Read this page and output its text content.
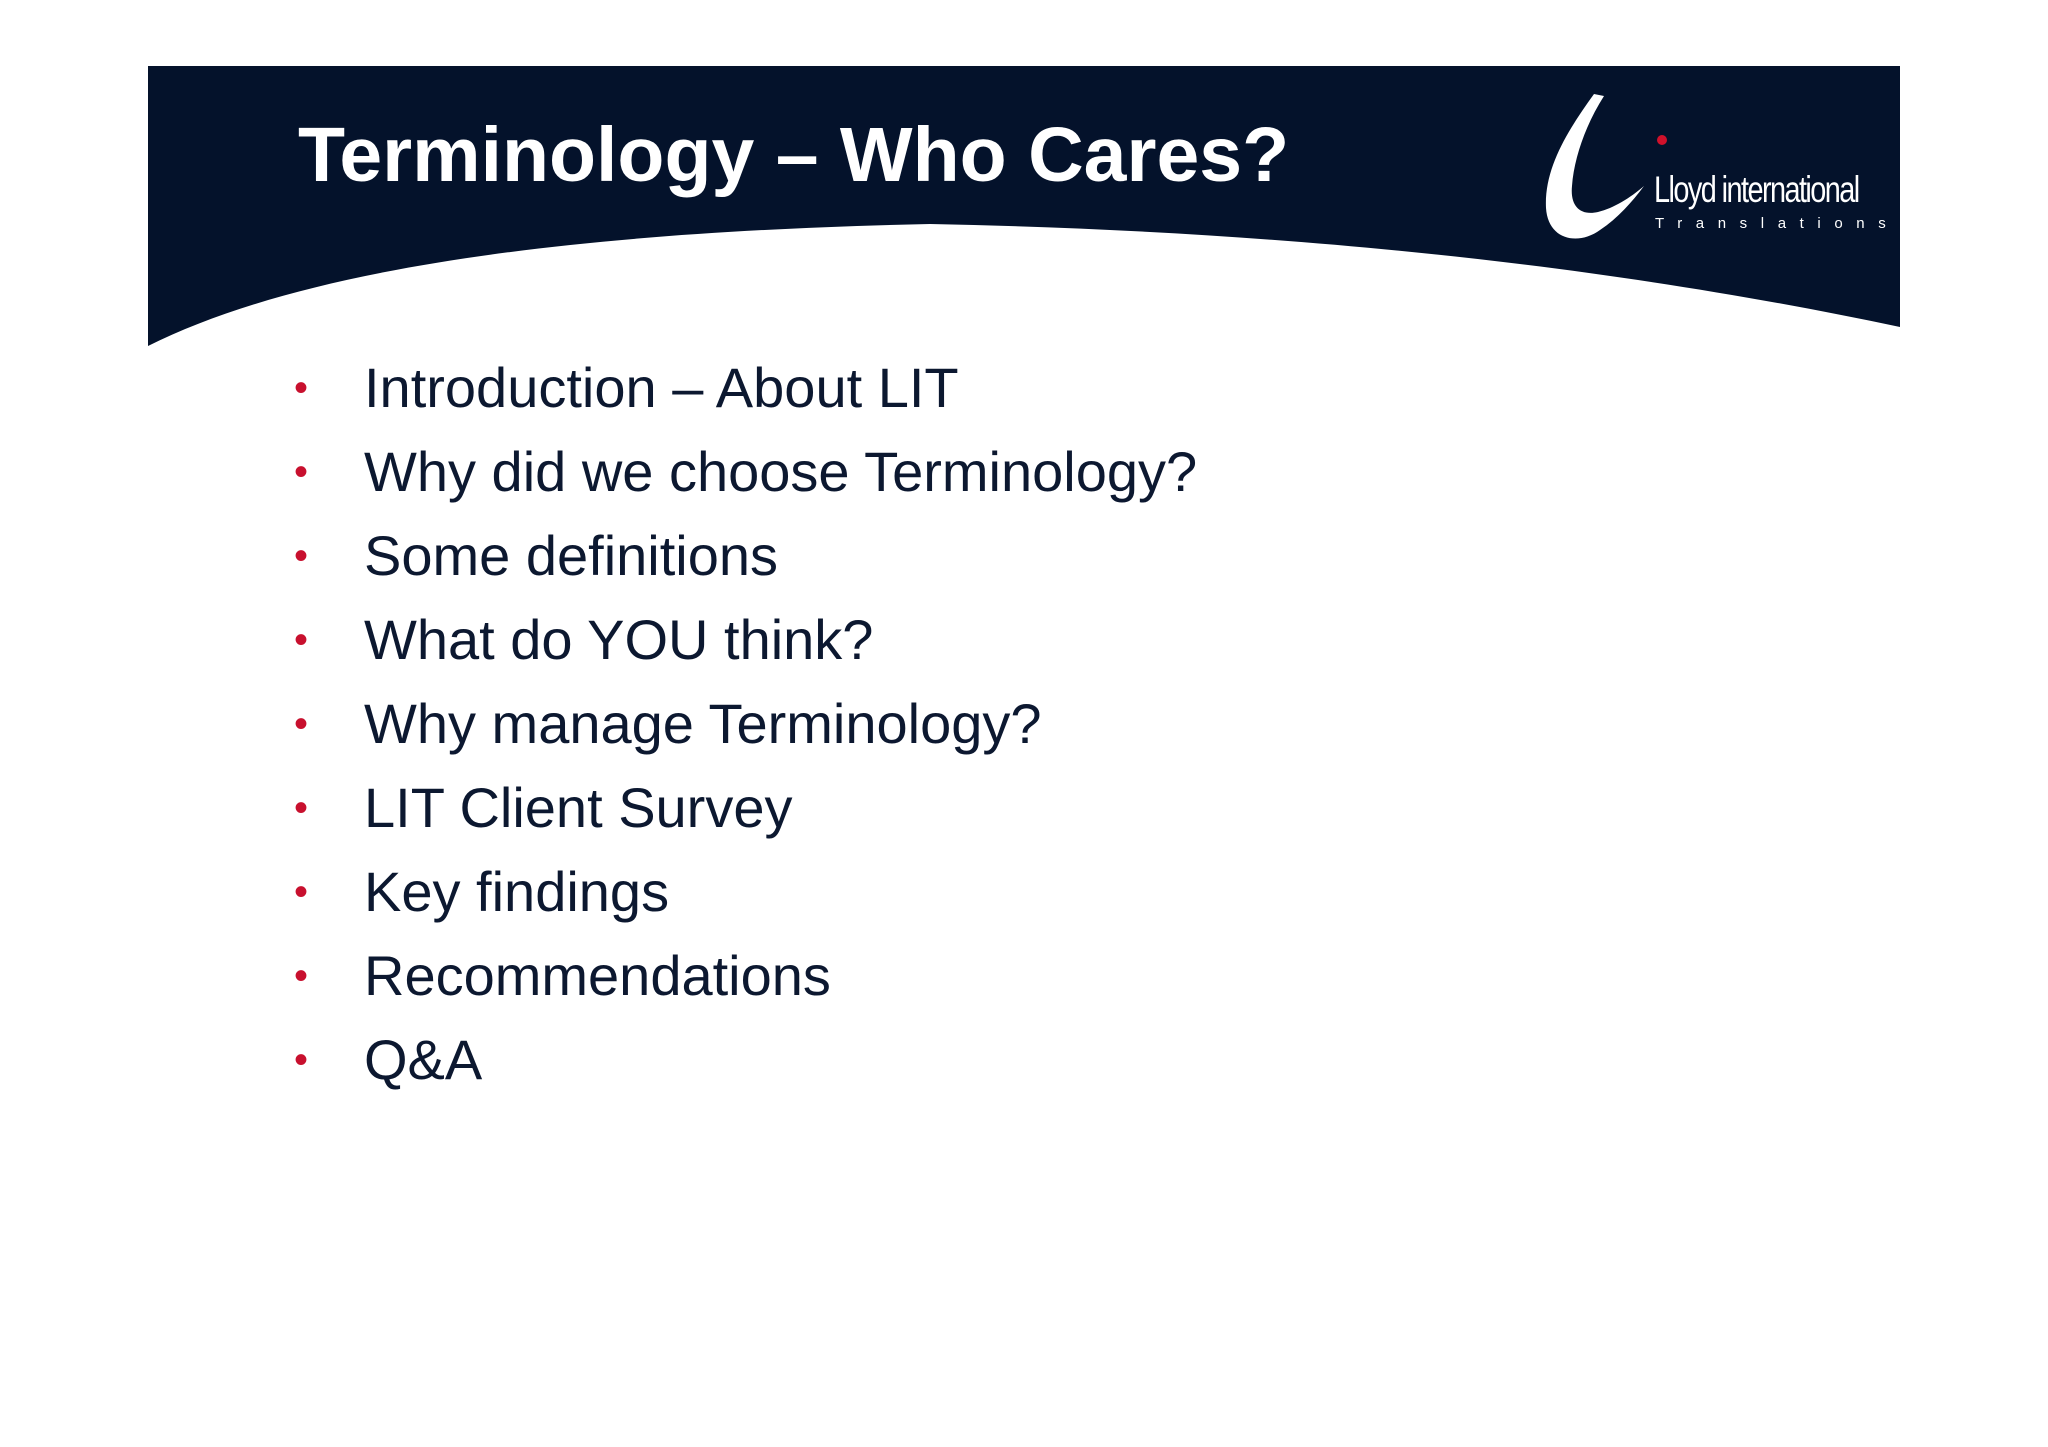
Terminology – Who Cares?	Lloyd international
Translations
• Introduction – About LIT
• Why did we choose Terminology?
• Some definitions
• What do YOU think?
• Why manage Terminology?
• LIT Client Survey
• Key findings
• Recommendations
• Q&A
